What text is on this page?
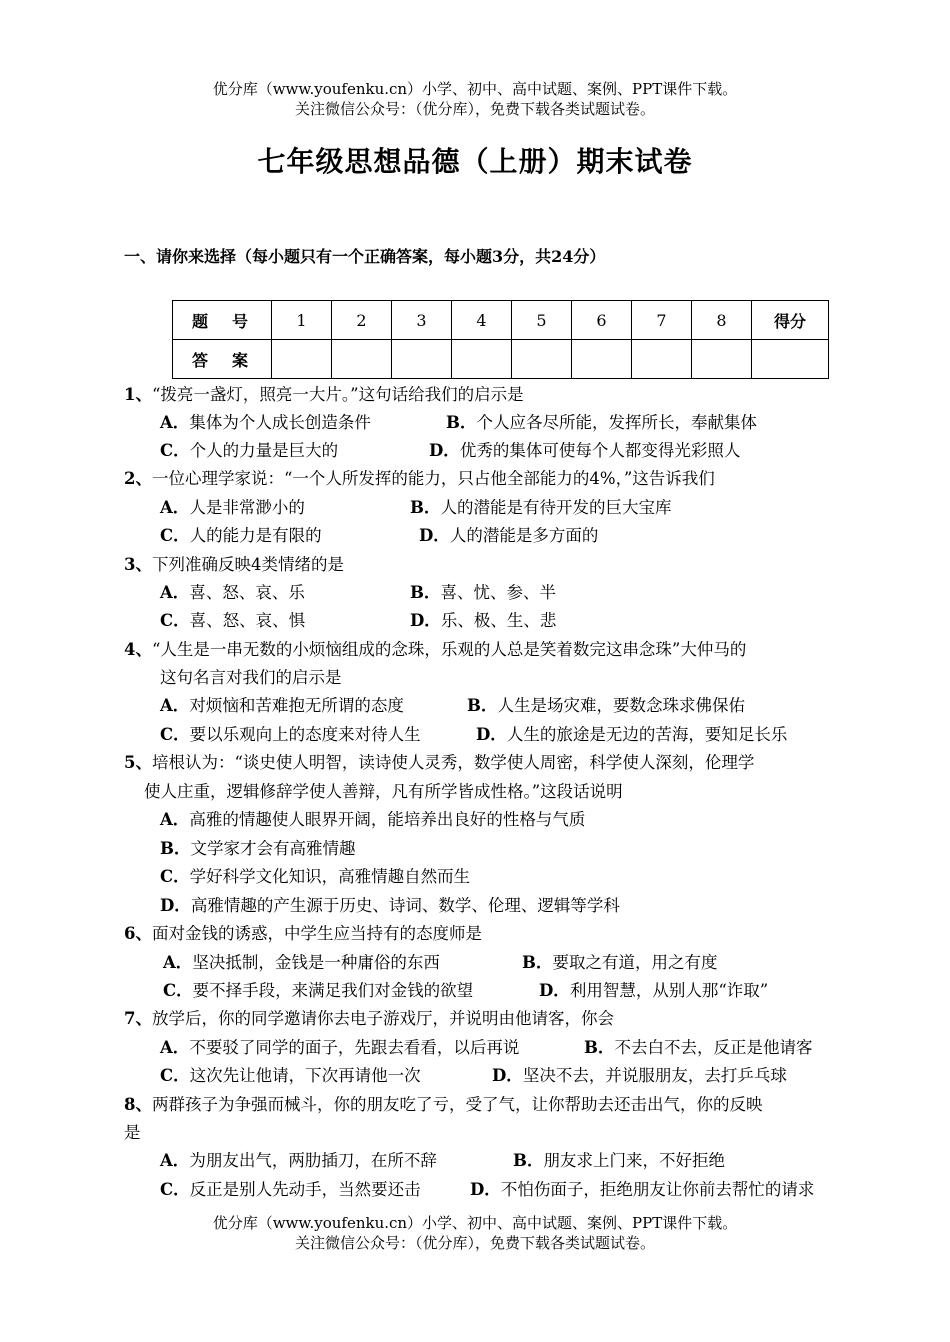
优分库（www.youfenku.cn）小学、初中、高中试题、案例、PPT课件下载。
关注微信公众号：（优分库），免费下载各类试题试卷。
七年级思想品德（上册）期末试卷
一、请你来选择（每小题只有一个正确答案，每小题3分，共24分）
题　号	1	2	3	4	5	6	7	8	得分
答　案									
1、“拨亮一盏灯，照亮一大片。”这句话给我们的启示是
A．集体为个人成长创造条件	B．个人应各尽所能，发挥所长，奉献集体
C．个人的力量是巨大的	D．优秀的集体可使每个人都变得光彩照人
2、一位心理学家说：“一个人所发挥的能力，只占他全部能力的4%，”这告诉我们
A．人是非常渺小的	B．人的潜能是有待开发的巨大宝库
C．人的能力是有限的	D．人的潜能是多方面的
3、下列准确反映4类情绪的是
A．喜、怒、哀、乐	B．喜、忧、参、半
C．喜、怒、哀、惧	D．乐、极、生、悲
4、“人生是一串无数的小烦恼组成的念珠，乐观的人总是笑着数完这串念珠”大仲马的
这句名言对我们的启示是
A．对烦恼和苦难抱无所谓的态度	B．人生是场灾难，要数念珠求佛保佑
C．要以乐观向上的态度来对待人生	D．人生的旅途是无边的苦海，要知足长乐
5、培根认为：“谈史使人明智，读诗使人灵秀，数学使人周密，科学使人深刻，伦理学
使人庄重，逻辑修辞学使人善辩，凡有所学皆成性格。”这段话说明
A．高雅的情趣使人眼界开阔，能培养出良好的性格与气质
B．文学家才会有高雅情趣
C．学好科学文化知识，高雅情趣自然而生
D．高雅情趣的产生源于历史、诗词、数学、伦理、逻辑等学科
6、面对金钱的诱惑，中学生应当持有的态度师是
A．坚决抵制，金钱是一种庸俗的东西	B．要取之有道，用之有度
C．要不择手段，来满足我们对金钱的欲望	D．利用智慧，从别人那“诈取”
7、放学后，你的同学邀请你去电子游戏厅，并说明由他请客，你会
A．不要驳了同学的面子，先跟去看看，以后再说	B．不去白不去，反正是他请客
C．这次先让他请，下次再请他一次	D．坚决不去，并说服朋友，去打乒乓球
8、两群孩子为争强而械斗，你的朋友吃了亏，受了气，让你帮助去还击出气，你的反映
是
A．为朋友出气，两肋插刀，在所不辞	B．朋友求上门来，不好拒绝
C．反正是别人先动手，当然要还击	D．不怕伤面子，拒绝朋友让你前去帮忙的请求
优分库（www.youfenku.cn）小学、初中、高中试题、案例、PPT课件下载。
关注微信公众号：（优分库），免费下载各类试题试卷。
